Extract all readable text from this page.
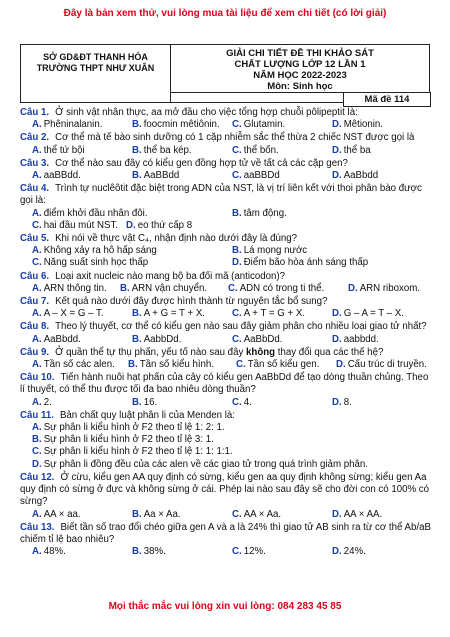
Đây là bản xem thử, vui lòng mua tài liệu để xem chi tiết (có lời giải)
SỞ GD&ĐT THANH HÓA
TRƯỜNG THPT NHƯ XUÂN
GIẢI CHI TIẾT ĐỀ THI KHẢO SÁT
CHẤT LƯỢNG LỚP 12 LẦN 1
NĂM HỌC 2022-2023
Môn: Sinh học
Mã đề 114
Câu 1. Ở sinh vật nhân thực, aa mở đầu cho việc tổng hợp chuỗi pôlipeptit là:
A. Phêninalanin.	B. foocmin mêtiônin.	C. Glutamin.	D. Mêtionin.
Câu 2. Cơ thể mà tế bào sinh dưỡng có 1 cặp nhiễm sắc thể thừa 2 chiếc NST được gọi là
A. thể tứ bội	B. thể ba kép.	C. thể bốn.	D. thể ba
Câu 3. Cơ thể nào sau đây có kiểu gen đồng hợp tử về tất cả các cặp gen?
A. aaBBdd.	B. AaBBdd	C. aaBBDd	D. AaBbdd
Câu 4. Trình tự nuclêôtit đặc biệt trong ADN của NST, là vị trí liên kết với thoi phân bào được gọi là:
A. điểm khởi đầu nhân đôi.	B. tâm động.
C. hai đầu mút NST. D. eo thứ cấp 8
Câu 5. Khi nói về thực vật C₄, nhận định nào dưới đây là đúng?
A. Không xảy ra hô hấp sáng	B. Lá mọng nước
C. Năng suất sinh học thấp	D. Điểm bão hòa ánh sáng thấp
Câu 6. Loại axit nucleic nào mang bộ ba đối mã (anticodon)?
A. ARN thông tin.	B. ARN vận chuyển.	C. ADN có trong ti thể.	D. ARN riboxom.
Câu 7. Kết quả nào dưới đây được hình thành từ nguyên tắc bổ sung?
A. A – X = G – T.	B. A + G = T + X.	C. A + T = G + X.	D. G – A = T – X.
Câu 8. Theo lý thuyết, cơ thể có kiểu gen nào sau đây giảm phân cho nhiều loại giao tử nhất?
A. AaBbdd.	B. AabbDd.	C. AaBbDd.	D. aabbdd.
Câu 9. Ở quần thể tự thụ phấn, yếu tố nào sau đây không thay đổi qua các thế hệ?
A. Tần số các alen.	B. Tần số kiểu hình.	C. Tần số kiểu gen.	D. Cấu trúc di truyền.
Câu 10. Tiến hành nuôi hạt phấn của cây có kiểu gen AaBbDd để tạo dòng thuần chủng. Theo lí thuyết, có thể thu được tối đa bao nhiêu dòng thuần?
A. 2.	B. 16.	C. 4.	D. 8.
Câu 11. Bản chất quy luật phân li của Menden là:
A. Sự phân li kiểu hình ở F2 theo tỉ lệ 1: 2: 1.
B. Sự phân li kiểu hình ở F2 theo tỉ lệ 3: 1.
C. Sự phân li kiểu hình ở F2 theo tỉ lệ 1: 1: 1:1.
D. Sự phân li đồng đều của các alen về các giao tử trong quá trình giảm phân.
Câu 12. Ở cừu, kiểu gen AA quy định có sừng, kiểu gen aa quy định không sừng; kiểu gen Aa quy định có sừng ở đực và không sừng ở cái. Phép lai nào sau đây sẽ cho đời con có 100% có sừng?
A. AA × aa.	B. Aa × Aa.	C. AA × Aa.	D. AA × AA.
Câu 13. Biết tần số trao đổi chéo giữa gen A và a là 24% thì giao tử AB sinh ra từ cơ thể Ab/aB chiếm tỉ lệ bao nhiêu?
A. 48%.	B. 38%.	C. 12%.	D. 24%.
Mọi thắc mắc vui lòng xin vui lòng: 084 283 45 85
